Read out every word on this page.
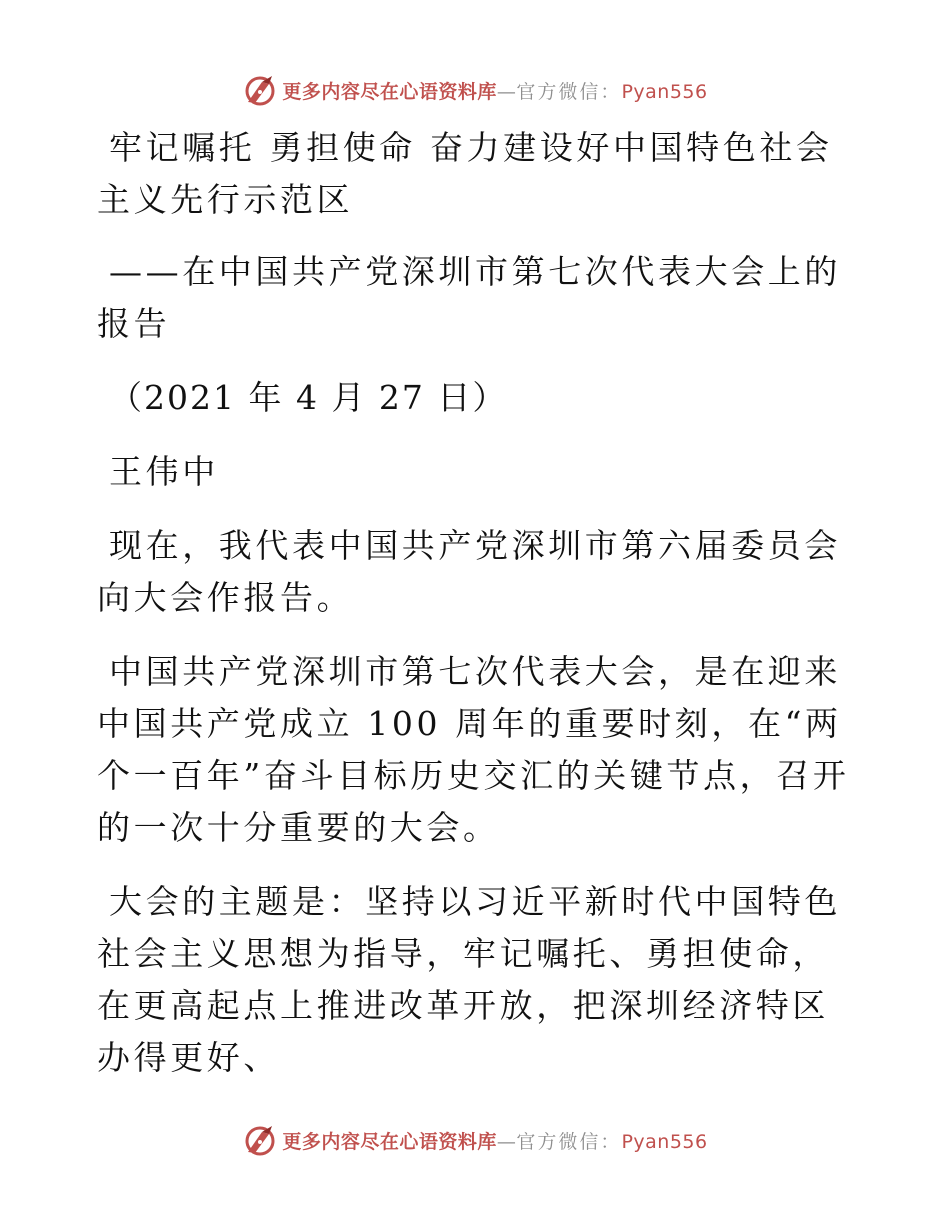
更多内容尽在心语资料库—官方微信：Pyan556

牢记嘱托 勇担使命 奋力建设好中国特色社会主义先行示范区

——在中国共产党深圳市第七次代表大会上的报告

（2021 年 4 月 27 日）

王伟中

现在，我代表中国共产党深圳市第六届委员会向大会作报告。

中国共产党深圳市第七次代表大会，是在迎来中国共产党成立 100 周年的重要时刻，在“两个一百年”奋斗目标历史交汇的关键节点，召开的一次十分重要的大会。

大会的主题是：坚持以习近平新时代中国特色社会主义思想为指导，牢记嘱托、勇担使命，在更高起点上推进改革开放，把深圳经济特区办得更好、

更多内容尽在心语资料库—官方微信：Pyan556
